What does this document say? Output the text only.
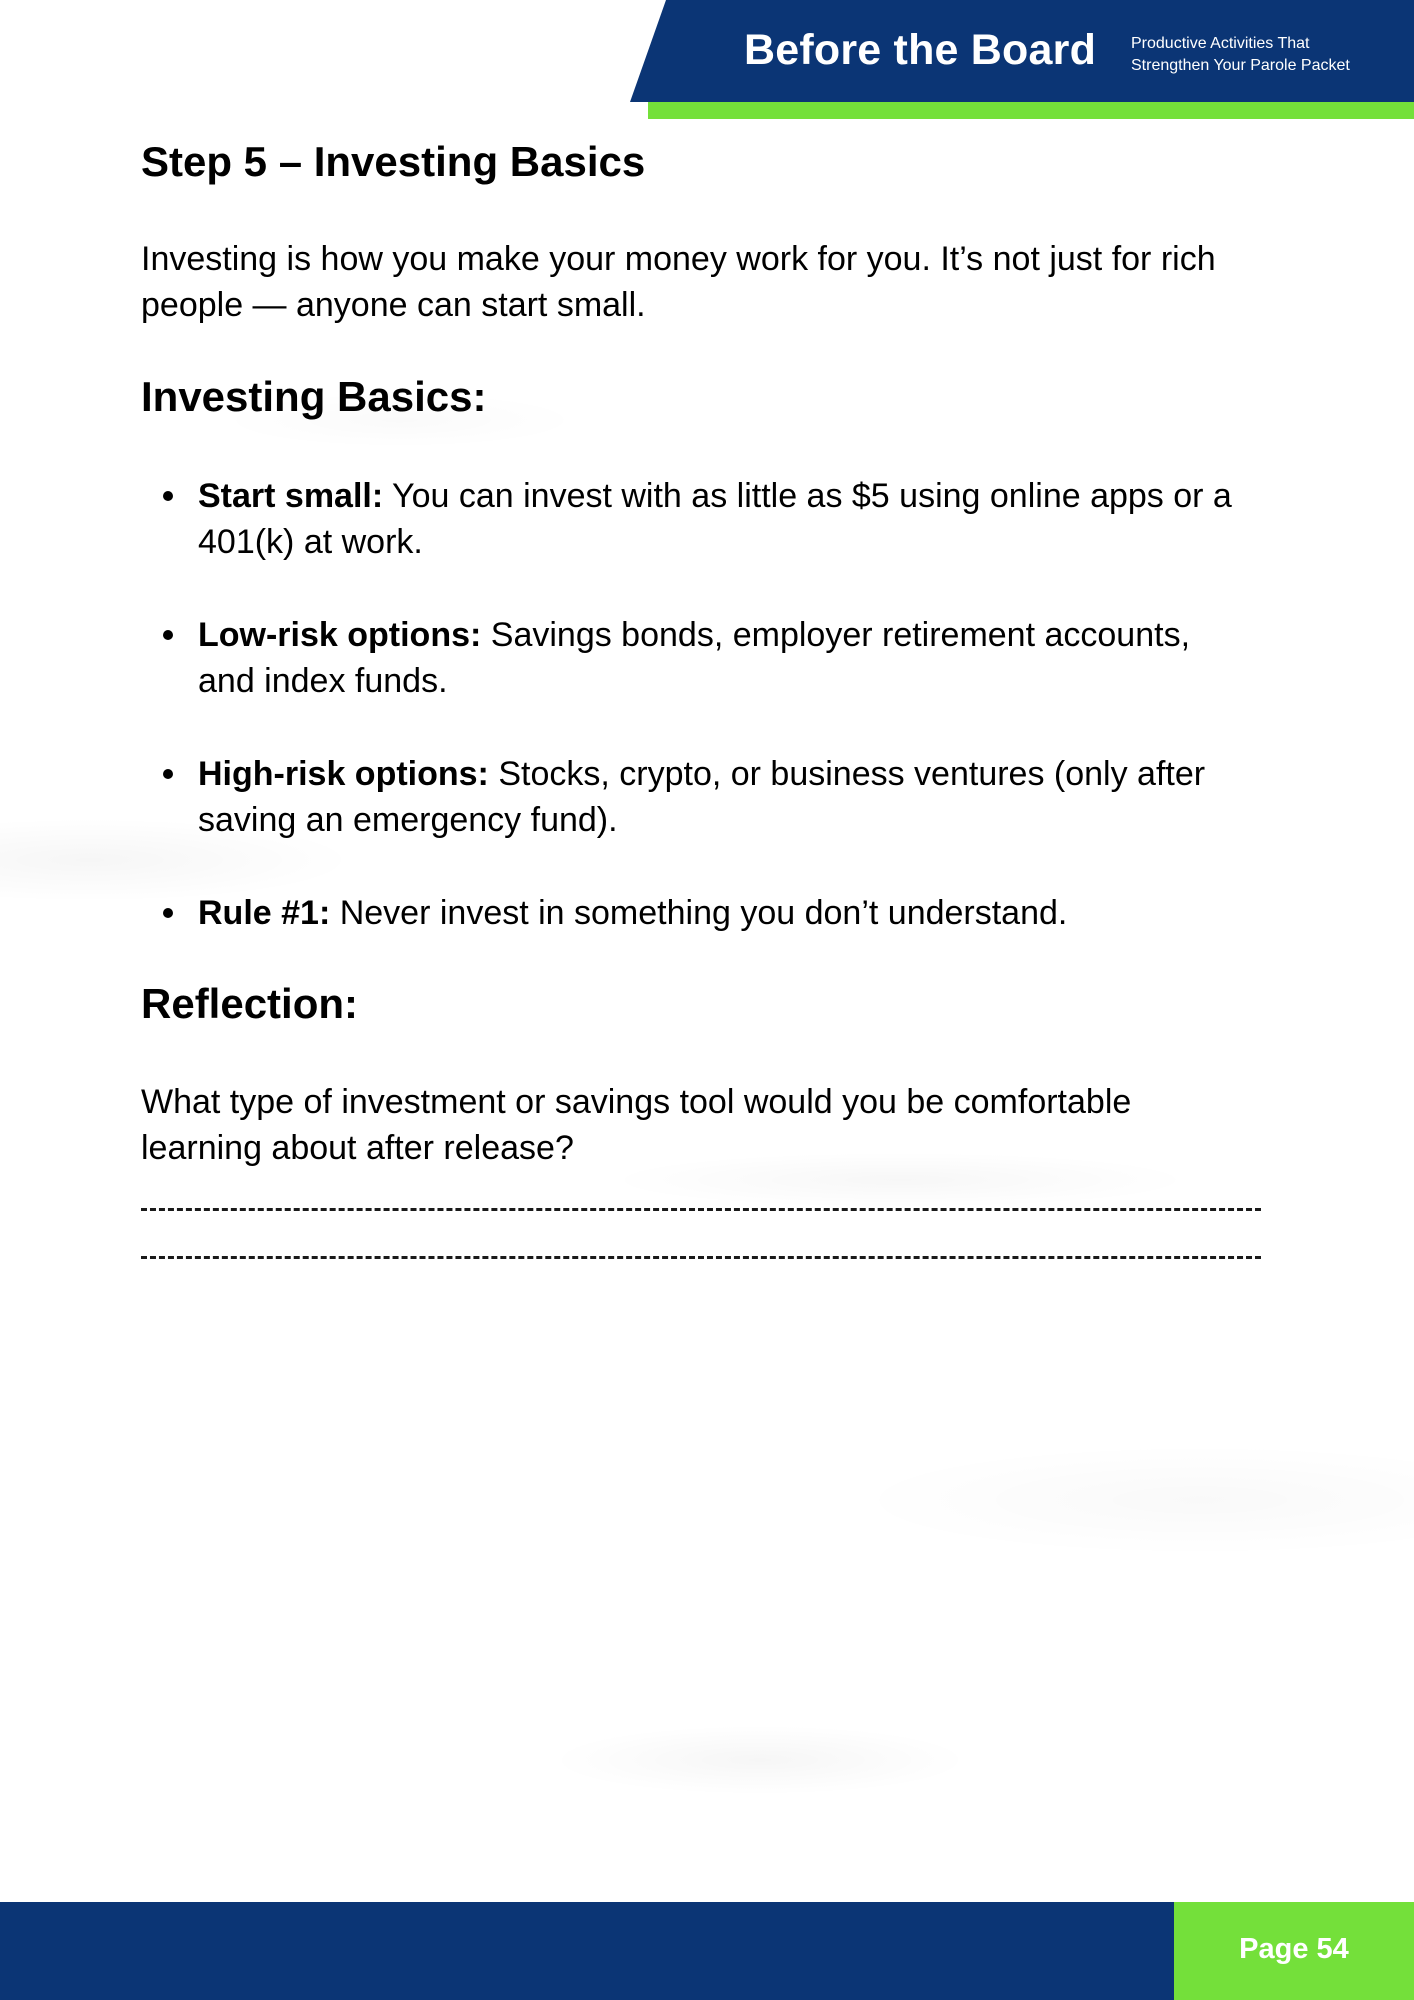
Before the Board Productive Activities That
Strengthen Your Parole Packet
Step 5 – Investing Basics

Investing is how you make your money work for you. It’s not just for rich people — anyone can start small.

Investing Basics:
Start small: You can invest with as little as $5 using online apps or a 401(k) at work.
Low-risk options: Savings bonds, employer retirement accounts, and index funds.
High-risk options: Stocks, crypto, or business ventures (only after saving an emergency fund).
Rule #1: Never invest in something you don’t understand.
Reflection:

What type of investment or savings tool would you be comfortable learning about after release?

Page 54
